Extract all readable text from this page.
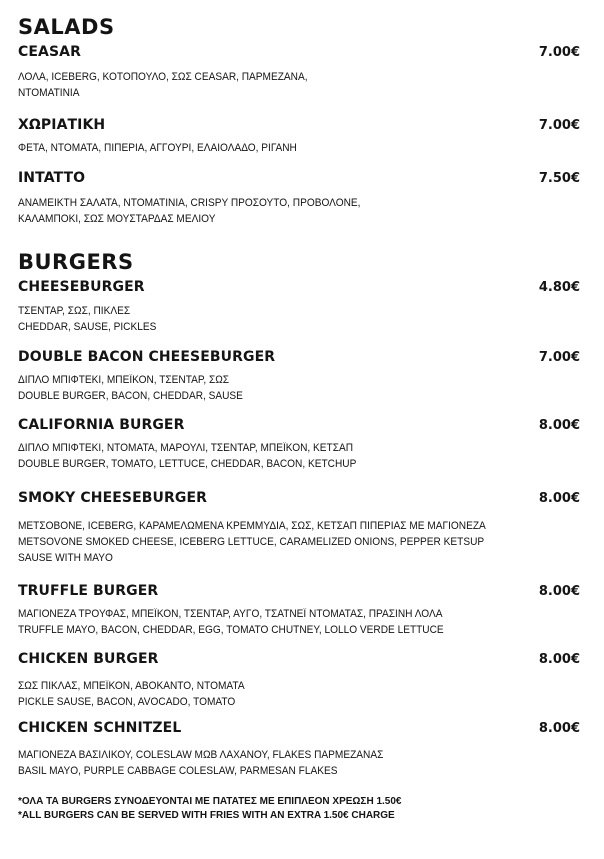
SALADS
CEASAR	7.00€
ΛΟΛΑ, ICEBERG, ΚΟΤΟΠΟΥΛΟ, ΣΩΣ CEASAR, ΠΑΡΜΕΖΑΝΑ,
ΝΤΟΜΑΤΙΝΙΑ
ΧΩΡΙΑΤΙΚΗ	7.00€
ΦΕΤΑ, ΝΤΟΜΑΤΑ, ΠΙΠΕΡΙΑ, ΑΓΓΟΥΡΙ, ΕΛΑΙΟΛΑΔΟ, ΡΙΓΑΝΗ
INTATTO	7.50€
ΑΝΑΜΕΙΚΤΗ ΣΑΛΑΤΑ, ΝΤΟΜΑΤΙΝΙΑ, CRISPY ΠΡΟΣΟΥΤΟ, ΠΡΟΒΟΛΟΝΕ,
ΚΑΛΑΜΠΟΚΙ, ΣΩΣ ΜΟΥΣΤΑΡΔΑΣ ΜΕΛΙΟΥ
BURGERS
CHEESEBURGER	4.80€
ΤΣΕΝΤΑΡ, ΣΩΣ, ΠΙΚΛΕΣ
CHEDDAR, SAUSE, PICKLES
DOUBLE BACON CHEESEBURGER	7.00€
ΔΙΠΛΟ ΜΠΙΦΤΕΚΙ, ΜΠΕΪΚΟΝ, ΤΣΕΝΤΑΡ, ΣΩΣ
DOUBLE BURGER, BACON, CHEDDAR, SAUSE
CALIFORNIA BURGER	8.00€
ΔΙΠΛΟ ΜΠΙΦΤΕΚΙ, ΝΤΟΜΑΤΑ, ΜΑΡΟΥΛΙ, ΤΣΕΝΤΑΡ, ΜΠΕΪΚΟΝ, ΚΕΤΣΑΠ
DOUBLE BURGER, TOMATO, LETTUCE, CHEDDAR, BACON, KETCHUP
SMOKY CHEESEBURGER	8.00€
ΜΕΤΣΟΒΟΝΕ, ICEBERG, ΚΑΡΑΜΕΛΩΜΕΝΑ ΚΡΕΜΜΥΔΙΑ, ΣΩΣ, ΚΕΤΣΑΠ ΠΙΠΕΡΙΑΣ ΜΕ ΜΑΓΙΟΝΕΖΑ
METSOVONE SMOKED CHEESE, ICEBERG LETTUCE, CARAMELIZED ONIONS, PEPPER KETSUP
SAUSE WITH MAYO
TRUFFLE BURGER	8.00€
ΜΑΓΙΟΝΕΖΑ ΤΡΟΥΦΑΣ, ΜΠΕΪΚΟΝ, ΤΣΕΝΤΑΡ, ΑΥΓΟ, ΤΣΑΤΝΕΪ ΝΤΟΜΑΤΑΣ, ΠΡΑΣΙΝΗ ΛΟΛΑ
TRUFFLE MAYO, BACON, CHEDDAR, EGG, TOMATO CHUTNEY, LOLLO VERDE LETTUCE
CHICKEN BURGER	8.00€
ΣΩΣ ΠΙΚΛΑΣ, ΜΠΕΪΚΟΝ, ΑΒΟΚΑΝΤΟ, ΝΤΟΜΑΤΑ
PICKLE SAUSE, BACON, AVOCADO, TOMATO
CHICKEN SCHNITZEL	8.00€
ΜΑΓΙΟΝΕΖΑ ΒΑΣΙΛΙΚΟΥ, COLESLAW ΜΩΒ ΛΑΧΑΝΟΥ, FLAKES ΠΑΡΜΕΖΑΝΑΣ
BASIL MAYO, PURPLE CABBAGE COLESLAW, PARMESAN FLAKES
*ΟΛΑ ΤΑ BURGERS ΣΥΝΟΔΕΥΟΝΤΑΙ ΜΕ ΠΑΤΑΤΕΣ ΜΕ ΕΠΙΠΛΕΟΝ ΧΡΕΩΣΗ 1.50€
*ALL BURGERS CAN BE SERVED WITH FRIES WITH AN EXTRA 1.50€ CHARGE
